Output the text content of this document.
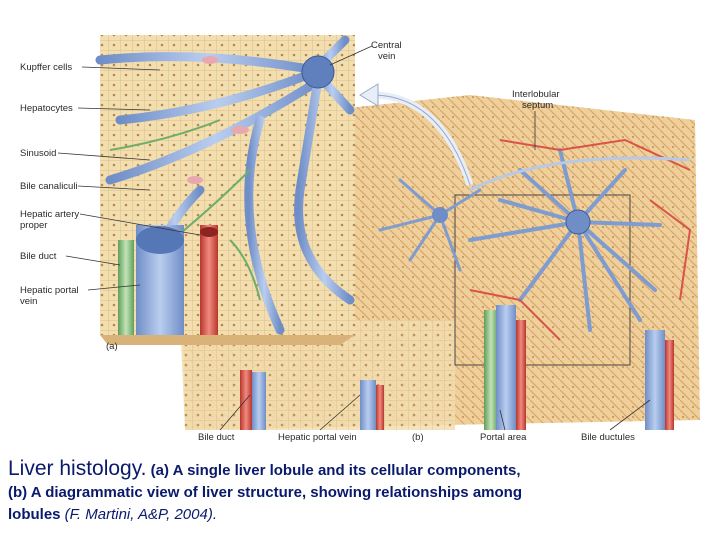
Kupffer cells
Hepatocytes
Sinusoid
Bile canaliculi
Hepatic artery
proper
Bile duct
Hepatic portal
vein
Central
vein
(a)
Interlobular
septum
Bile duct	Hepatic portal vein	(b)	Portal area	Bile ductules
Liver histology. (a) A single liver lobule and its cellular components,
(b) A diagrammatic view of liver structure, showing relationships among
lobules (F. Martini, A&P, 2004).
